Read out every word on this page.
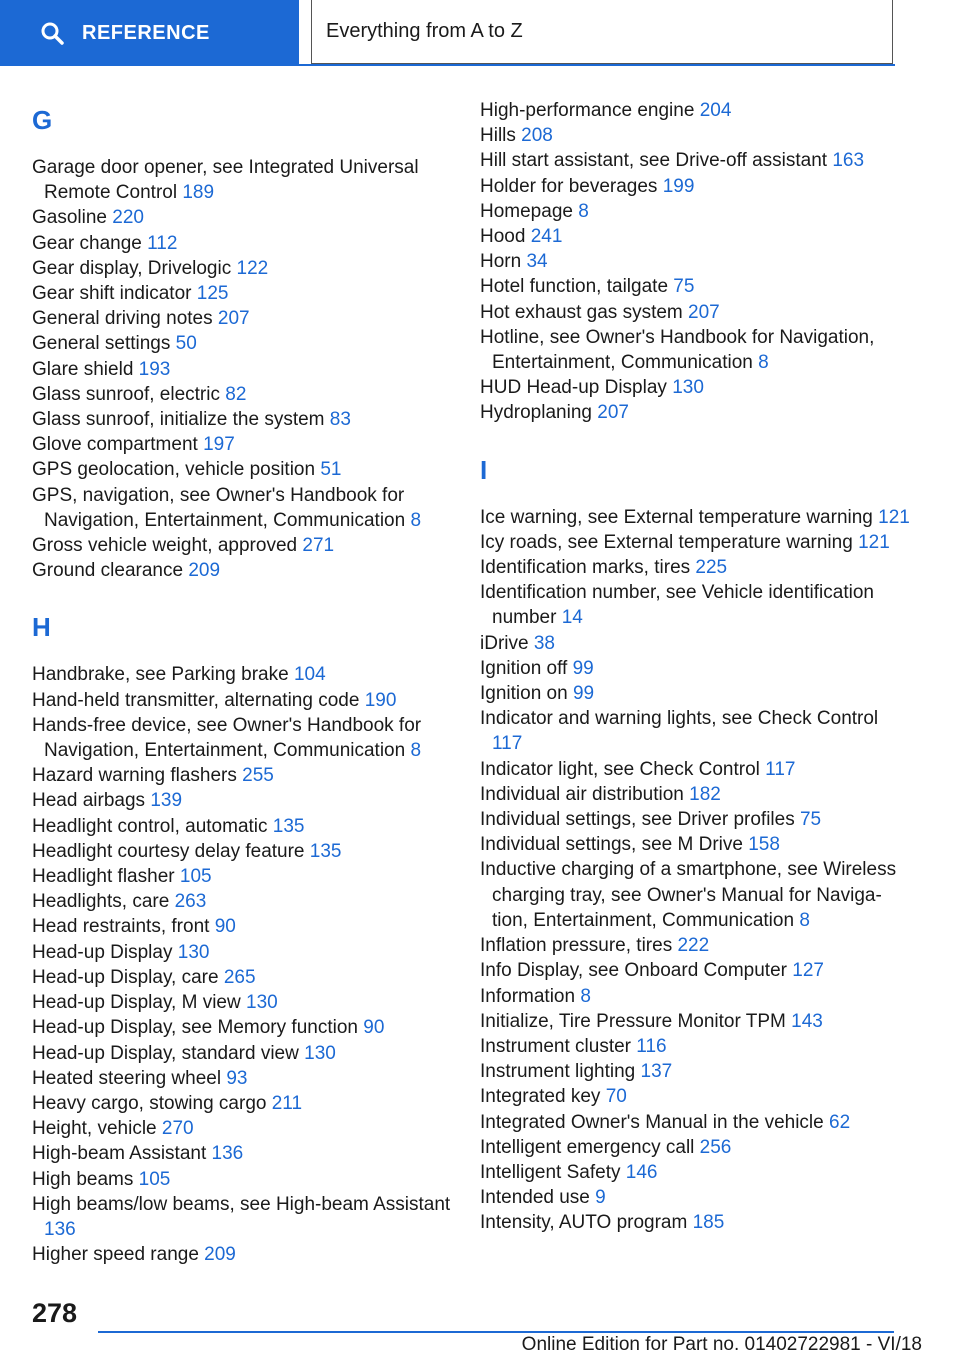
REFERENCE	Everything from A to Z
G
Garage door opener, see Integrated Universal Remote Control 189
Gasoline 220
Gear change 112
Gear display, Drivelogic 122
Gear shift indicator 125
General driving notes 207
General settings 50
Glare shield 193
Glass sunroof, electric 82
Glass sunroof, initialize the system 83
Glove compartment 197
GPS geolocation, vehicle position 51
GPS, navigation, see Owner's Handbook for Navigation, Entertainment, Communication 8
Gross vehicle weight, approved 271
Ground clearance 209
H
Handbrake, see Parking brake 104
Hand-held transmitter, alternating code 190
Hands-free device, see Owner's Handbook for Navigation, Entertainment, Communication 8
Hazard warning flashers 255
Head airbags 139
Headlight control, automatic 135
Headlight courtesy delay feature 135
Headlight flasher 105
Headlights, care 263
Head restraints, front 90
Head-up Display 130
Head-up Display, care 265
Head-up Display, M view 130
Head-up Display, see Memory function 90
Head-up Display, standard view 130
Heated steering wheel 93
Heavy cargo, stowing cargo 211
Height, vehicle 270
High-beam Assistant 136
High beams 105
High beams/low beams, see High-beam Assistant 136
Higher speed range 209
High-performance engine 204
Hills 208
Hill start assistant, see Drive-off assistant 163
Holder for beverages 199
Homepage 8
Hood 241
Horn 34
Hotel function, tailgate 75
Hot exhaust gas system 207
Hotline, see Owner's Handbook for Navigation, Entertainment, Communication 8
HUD Head-up Display 130
Hydroplaning 207
I
Ice warning, see External temperature warning 121
Icy roads, see External temperature warning 121
Identification marks, tires 225
Identification number, see Vehicle identification number 14
iDrive 38
Ignition off 99
Ignition on 99
Indicator and warning lights, see Check Control 117
Indicator light, see Check Control 117
Individual air distribution 182
Individual settings, see Driver profiles 75
Individual settings, see M Drive 158
Inductive charging of a smartphone, see Wireless charging tray, see Owner's Manual for Navigation, Entertainment, Communication 8
Inflation pressure, tires 222
Info Display, see Onboard Computer 127
Information 8
Initialize, Tire Pressure Monitor TPM 143
Instrument cluster 116
Instrument lighting 137
Integrated key 70
Integrated Owner's Manual in the vehicle 62
Intelligent emergency call 256
Intelligent Safety 146
Intended use 9
Intensity, AUTO program 185
278
Online Edition for Part no. 01402722981 - VI/18
